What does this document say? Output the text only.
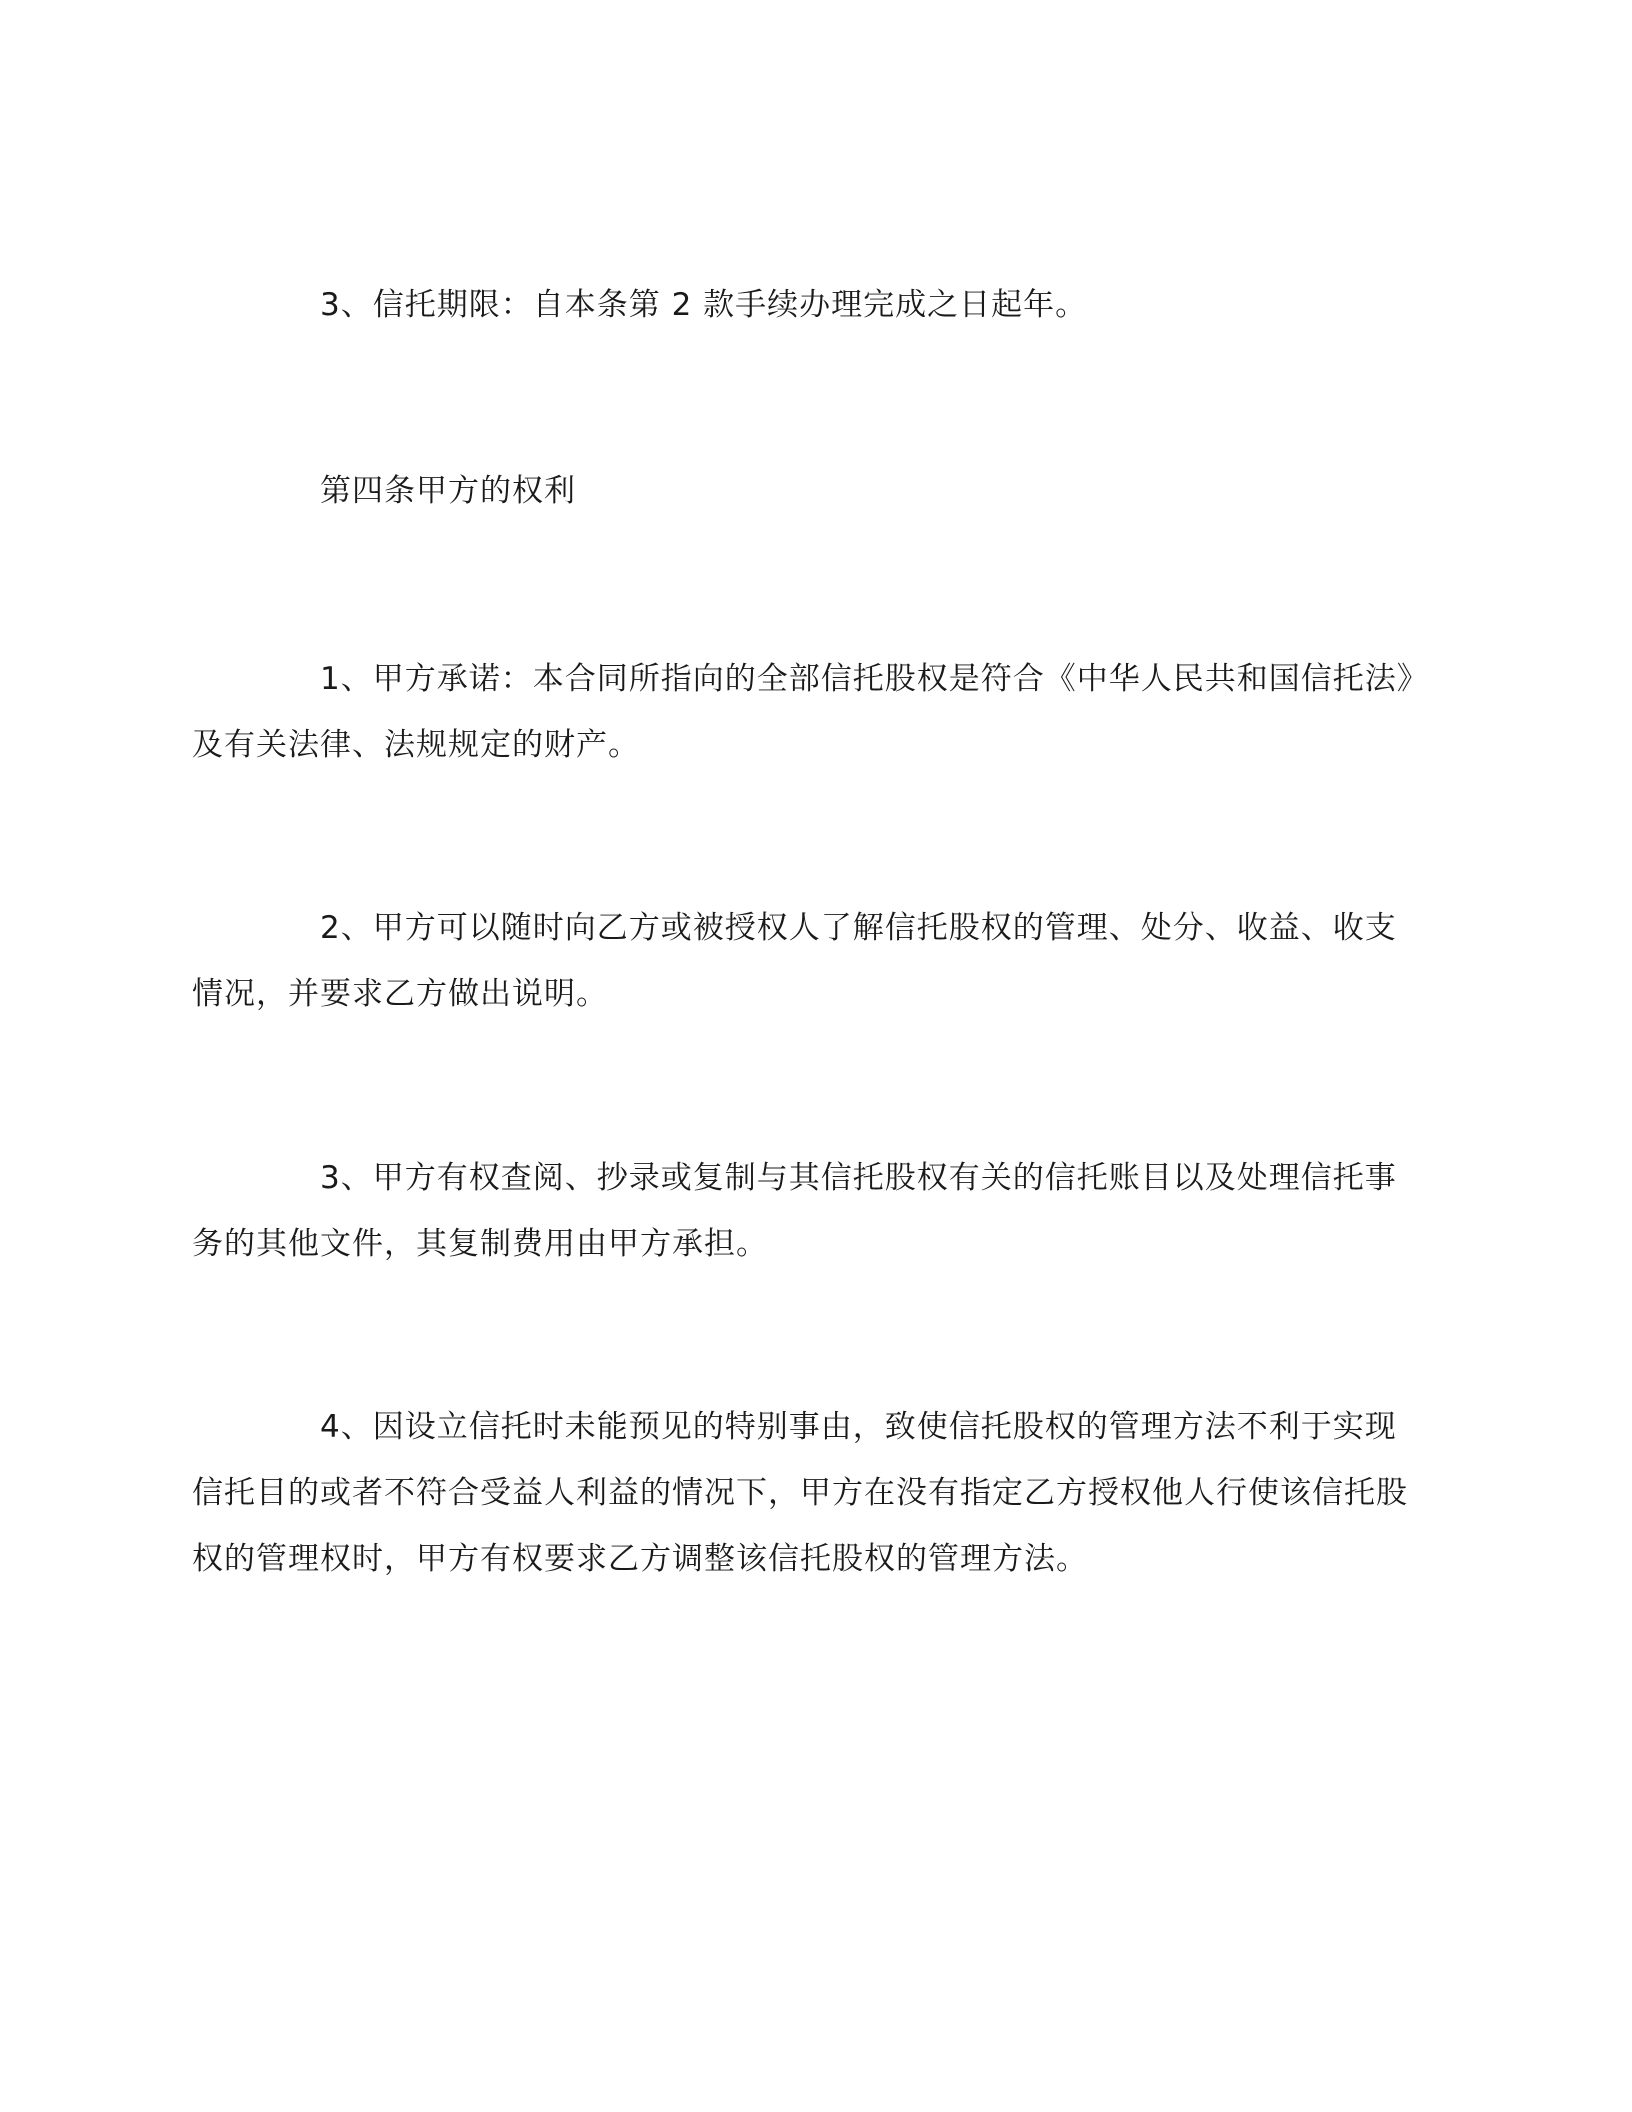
3、信托期限：自本条第 2 款手续办理完成之日起年。

第四条甲方的权利

1、甲方承诺：本合同所指向的全部信托股权是符合《中华人民共和国信托法》及有关法律、法规规定的财产。

2、甲方可以随时向乙方或被授权人了解信托股权的管理、处分、收益、收支情况，并要求乙方做出说明。

3、甲方有权查阅、抄录或复制与其信托股权有关的信托账目以及处理信托事务的其他文件，其复制费用由甲方承担。

4、因设立信托时未能预见的特别事由，致使信托股权的管理方法不利于实现信托目的或者不符合受益人利益的情况下，甲方在没有指定乙方授权他人行使该信托股权的管理权时，甲方有权要求乙方调整该信托股权的管理方法。
